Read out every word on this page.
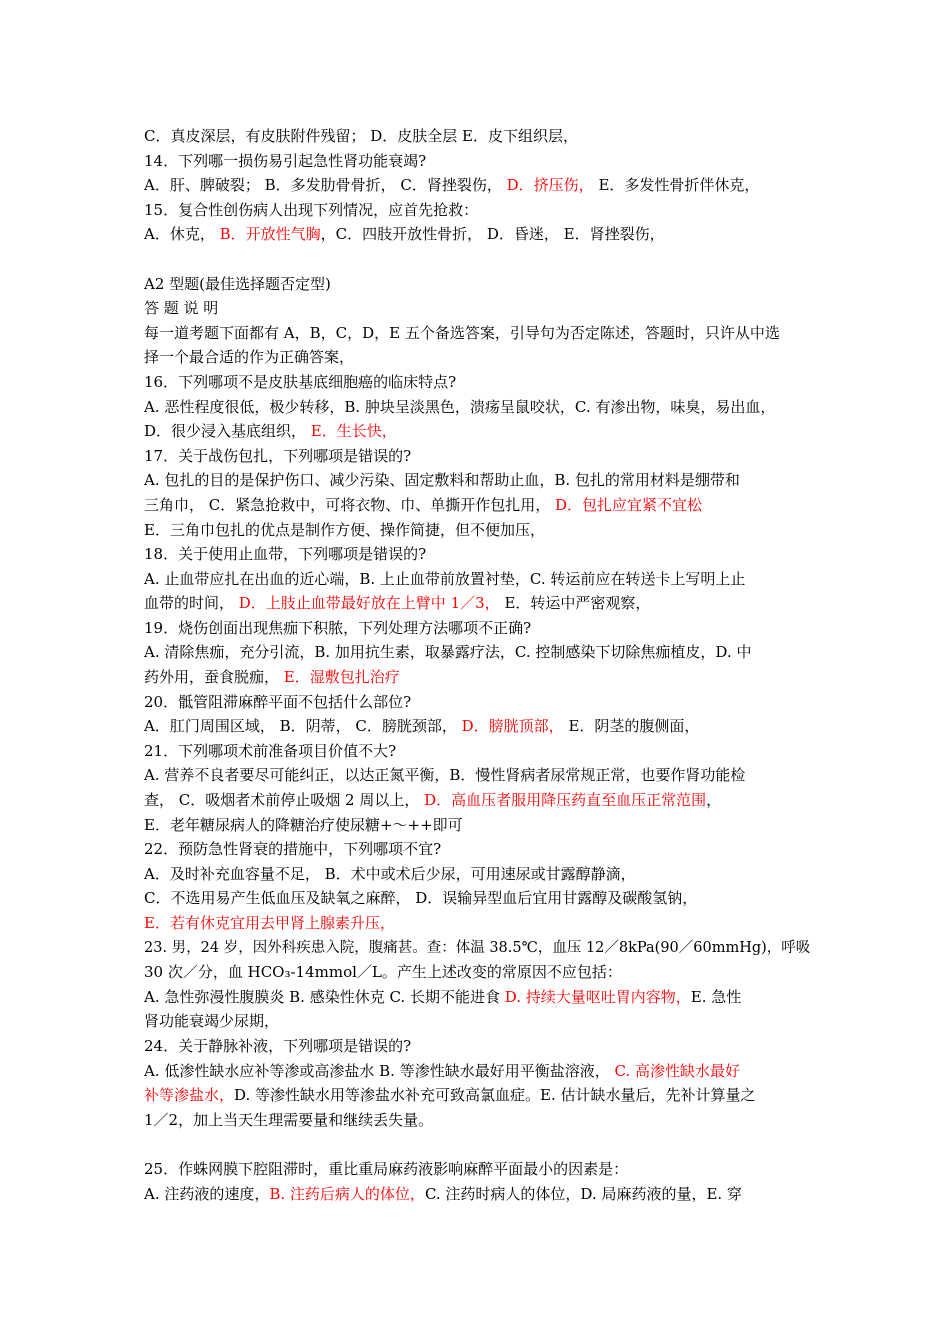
C．真皮深层，有皮肤附件残留； D．皮肤全层 E．皮下组织层，
14．下列哪一损伤易引起急性肾功能衰竭?
A．肝、脾破裂； B．多发肋骨骨折， C．肾挫裂伤， D．挤压伤， E．多发性骨折伴休克，
15．复合性创伤病人出现下列情况，应首先抢救：
A．休克， B．开放性气胸，C．四肢开放性骨折， D．昏迷， E．肾挫裂伤，
A2 型题(最佳选择题否定型)
答 题 说 明
每一道考题下面都有 A，B，C，D，E 五个备选答案，引导句为否定陈述，答题时，只许从中选
择一个最合适的作为正确答案，
16．下列哪项不是皮肤基底细胞癌的临床特点?
A. 恶性程度很低，极少转移，B. 肿块呈淡黑色，溃疡呈鼠咬状，C. 有渗出物，味臭，易出血，
D．很少浸入基底组织， E．生长快，
17．关于战伤包扎，下列哪项是错误的?
A. 包扎的目的是保护伤口、减少污染、固定敷料和帮助止血，B. 包扎的常用材料是绷带和
三角巾， C．紧急抢救中，可将衣物、巾、单撕开作包扎用， D．包扎应宜紧不宜松
E．三角巾包扎的优点是制作方便、操作简捷，但不便加压，
18．关于使用止血带，下列哪项是错误的?
A. 止血带应扎在出血的近心端，B. 上止血带前放置衬垫，C. 转运前应在转送卡上写明上止
血带的时间， D．上肢止血带最好放在上臂中 1／3， E．转运中严密观察，
19．烧伤创面出现焦痂下积脓，下列处理方法哪项不正确?
A. 清除焦痂，充分引流，B. 加用抗生素，取暴露疗法，C. 控制感染下切除焦痂植皮，D. 中
药外用，蚕食脱痂， E．湿敷包扎治疗
20．骶管阻滞麻醉平面不包括什么部位?
A．肛门周围区域， B．阴蒂， C．膀胱颈部， D．膀胱顶部， E．阴茎的腹侧面，
21．下列哪项术前准备项目价值不大?
A. 营养不良者要尽可能纠正，以达正氮平衡，B．慢性肾病者尿常规正常，也要作肾功能检
查， C．吸烟者术前停止吸烟 2 周以上， D．高血压者服用降压药直至血压正常范围，
E．老年糖尿病人的降糖治疗使尿糖+～++即可
22．预防急性肾衰的措施中，下列哪项不宜?
A．及时补充血容量不足， B．术中或术后少尿，可用速尿或甘露醇静滴，
C．不选用易产生低血压及缺氧之麻醉， D．误输异型血后宜用甘露醇及碳酸氢钠，
E．若有休克宜用去甲肾上腺素升压，
23. 男，24 岁，因外科疾患入院，腹痛甚。查：体温 38.5℃，血压 12／8kPa(90／60mmHg)，呼吸
30 次／分，血 HCO₃-14mmol／L。产生上述改变的常原因不应包括：
A. 急性弥漫性腹膜炎 B. 感染性休克 C. 长期不能进食 D. 持续大量呕吐胃内容物，E. 急性
肾功能衰竭少尿期，
24．关于静脉补液，下列哪项是错误的?
A. 低渗性缺水应补等渗或高渗盐水 B. 等渗性缺水最好用平衡盐溶液， C. 高渗性缺水最好
补等渗盐水，D. 等渗性缺水用等渗盐水补充可致高氯血症。E. 估计缺水量后，先补计算量之
1／2，加上当天生理需要量和继续丢失量。
25．作蛛网膜下腔阻滞时，重比重局麻药液影响麻醉平面最小的因素是：
A. 注药液的速度，B. 注药后病人的体位，C. 注药时病人的体位，D. 局麻药液的量，E. 穿
